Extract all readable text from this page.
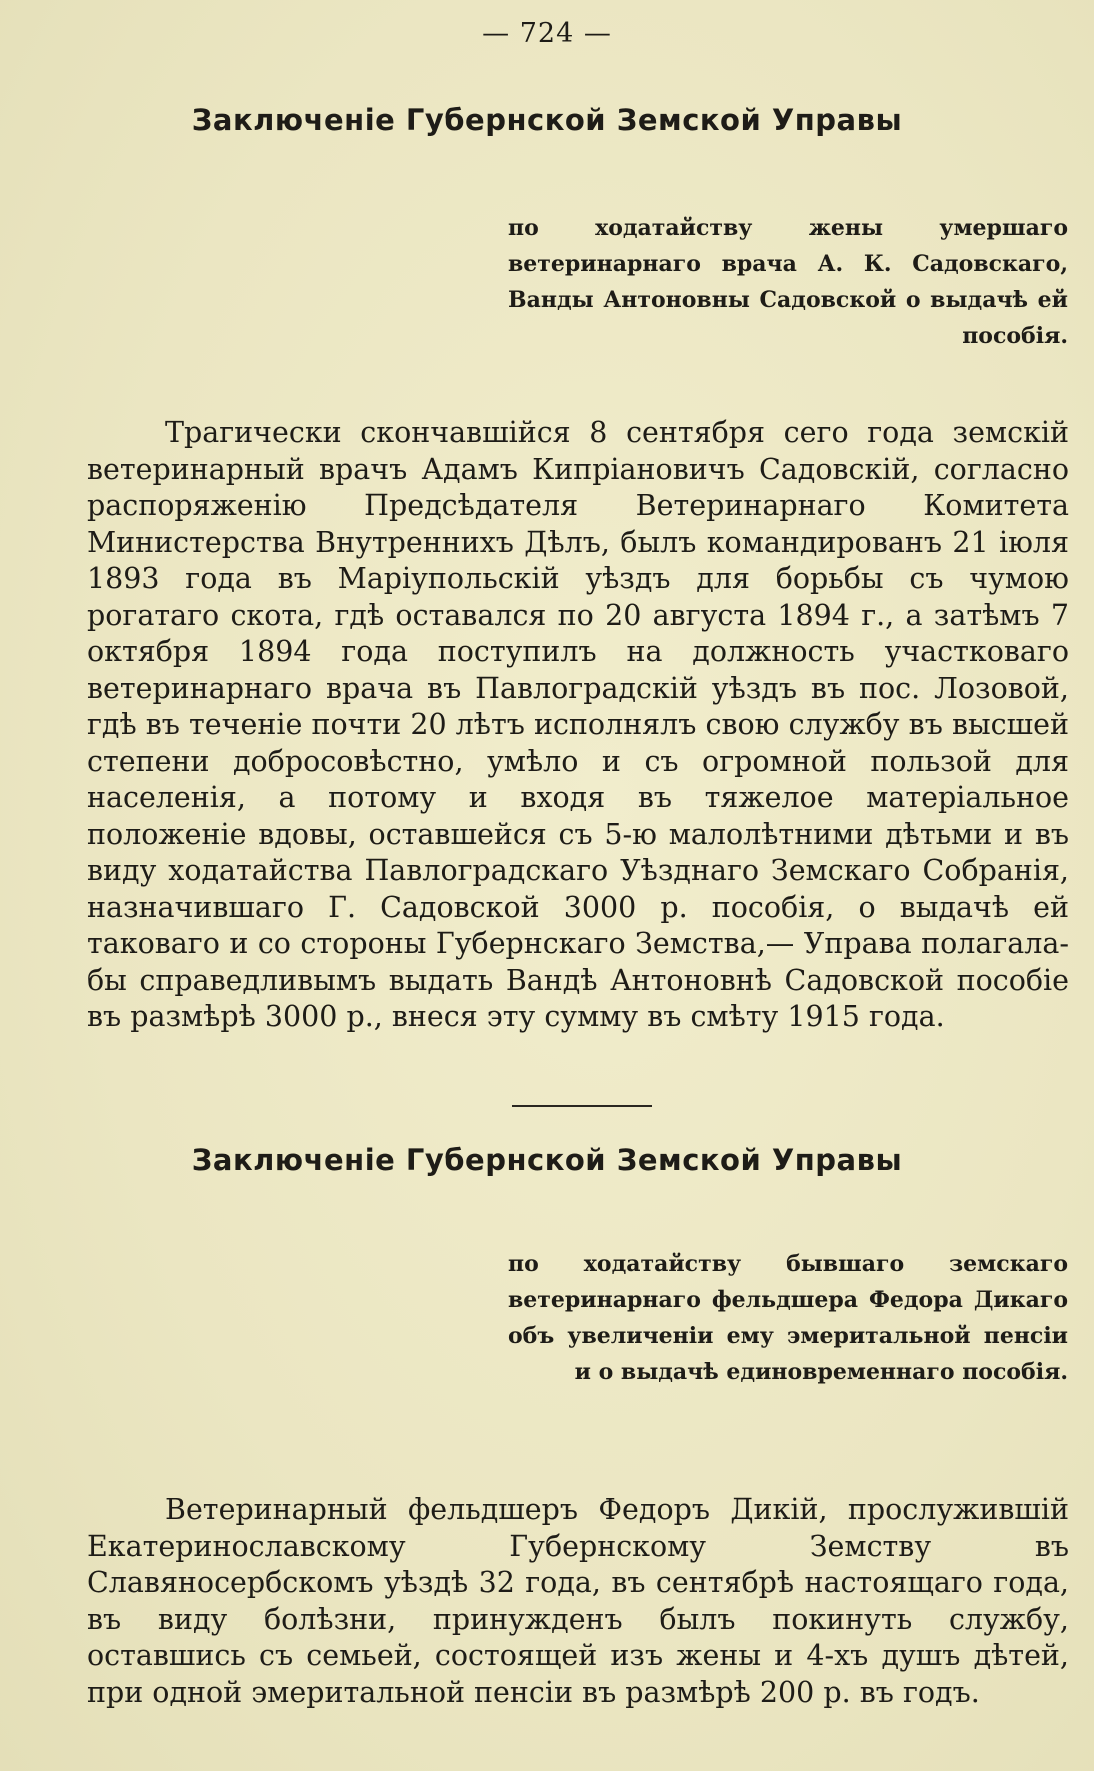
— 724 —
Заключеніе Губернской Земской Управы
по ходатайству жены умершаго ветеринарнаго врача А. К. Садовскаго, Ванды Антоновны Садовской о выдачѣ ей пособія.

Трагически скончавшійся 8 сентября сего года земскій ветеринарный врачъ Адамъ Кипріановичъ Садовскій, согласно распоряженію Предсѣдателя Ветеринарнаго Комитета Министерства Внутреннихъ Дѣлъ, былъ командированъ 21 іюля 1893 года въ Маріупольскій уѣздъ для борьбы съ чумою рогатаго скота, гдѣ оставался по 20 августа 1894 г., а затѣмъ 7 октября 1894 года поступилъ на должность участковаго ветеринарнаго врача въ Павлоградскій уѣздъ въ пос. Лозовой, гдѣ въ теченіе почти 20 лѣтъ исполнялъ свою службу въ высшей степени добросовѣстно, умѣло и съ огромной пользой для населенія, а потому и входя въ тяжелое матеріальное положеніе вдовы, оставшейся съ 5-ю малолѣтними дѣтьми и въ виду ходатайства Павлоградскаго Уѣзднаго Земскаго Собранія, назначившаго Г. Садовской 3000 р. пособія, о выдачѣ ей таковаго и со стороны Губернскаго Земства,— Управа полагала-бы справедливымъ выдать Вандѣ Антоновнѣ Садовской пособіе въ размѣрѣ 3000 р., внеся эту сумму въ смѣту 1915 года.

Заключеніе Губернской Земской Управы
по ходатайству бывшаго земскаго ветеринарнаго фельдшера Федора Дикаго объ увеличеніи ему эмеритальной пенсіи и о выдачѣ единовременнаго пособія.

Ветеринарный фельдшеръ Федоръ Дикій, прослужившій Екатеринославскому Губернскому Земству въ Славяносербскомъ уѣздѣ 32 года, въ сентябрѣ настоящаго года, въ виду болѣзни, принужденъ былъ покинуть службу, оставшись съ семьей, состоящей изъ жены и 4-хъ душъ дѣтей, при одной эмеритальной пенсіи въ размѣрѣ 200 р. въ годъ.
